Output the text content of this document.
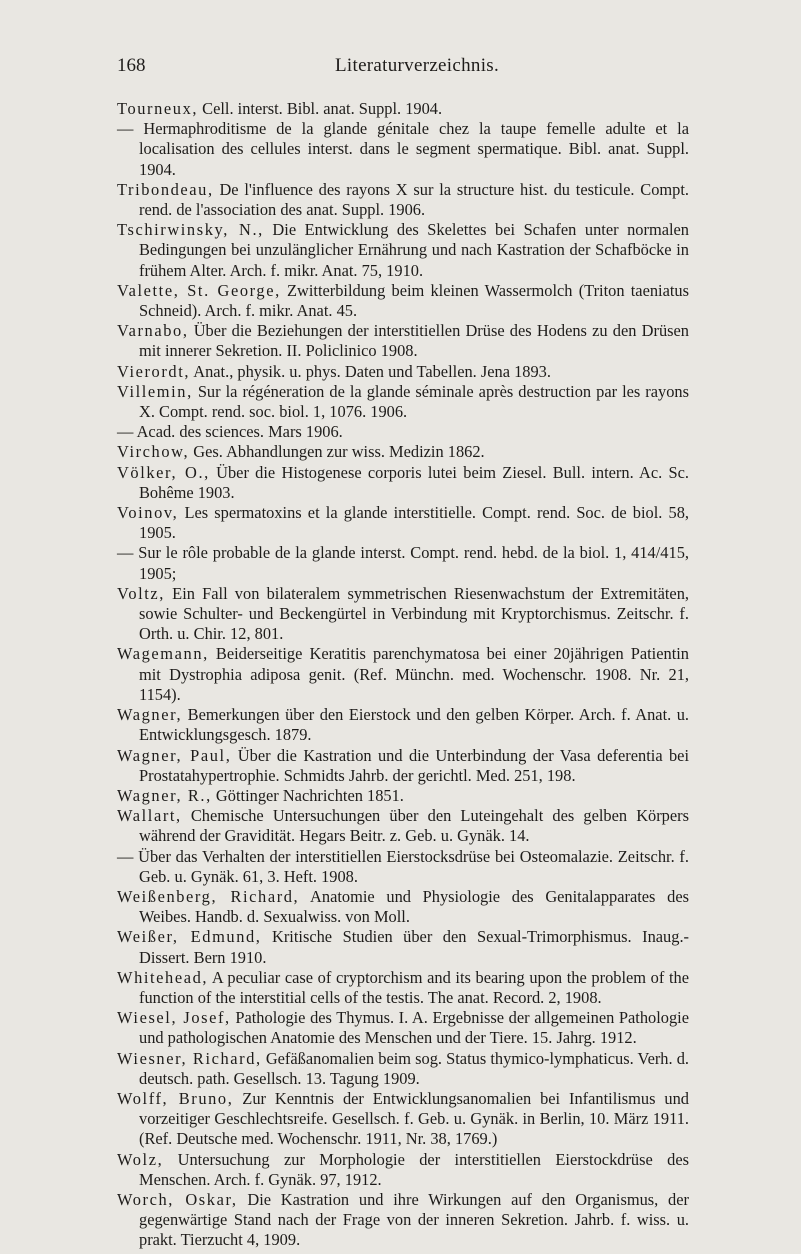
168	Literaturverzeichnis.
Tourneux, Cell. interst. Bibl. anat. Suppl. 1904.
— Hermaphroditisme de la glande génitale chez la taupe femelle adulte et la localisation des cellules interst. dans le segment spermatique. Bibl. anat. Suppl. 1904.
Tribondeau, De l'influence des rayons X sur la structure hist. du testicule. Compt. rend. de l'association des anat. Suppl. 1906.
Tschirwinsky, N., Die Entwicklung des Skelettes bei Schafen unter normalen Bedingungen bei unzulänglicher Ernährung und nach Kastration der Schafböcke in frühem Alter. Arch. f. mikr. Anat. 75, 1910.
Valette, St. George, Zwitterbildung beim kleinen Wassermolch (Triton taeniatus Schneid). Arch. f. mikr. Anat. 45.
Varnabo, Über die Beziehungen der interstitiellen Drüse des Hodens zu den Drüsen mit innerer Sekretion. II. Policlinico 1908.
Vierordt, Anat., physik. u. phys. Daten und Tabellen. Jena 1893.
Villemin, Sur la régéneration de la glande séminale après destruction par les rayons X. Compt. rend. soc. biol. 1, 1076. 1906.
— Acad. des sciences. Mars 1906.
Virchow, Ges. Abhandlungen zur wiss. Medizin 1862.
Völker, O., Über die Histogenese corporis lutei beim Ziesel. Bull. intern. Ac. Sc. Bohême 1903.
Voinov, Les spermatoxins et la glande interstitielle. Compt. rend. Soc. de biol. 58, 1905.
— Sur le rôle probable de la glande interst. Compt. rend. hebd. de la biol. 1, 414/415, 1905;
Voltz, Ein Fall von bilateralem symmetrischen Riesenwachstum der Extremitäten, sowie Schulter- und Beckengürtel in Verbindung mit Kryptorchismus. Zeitschr. f. Orth. u. Chir. 12, 801.
Wagemann, Beiderseitige Keratitis parenchymatosa bei einer 20jährigen Patientin mit Dystrophia adiposa genit. (Ref. Münchn. med. Wochenschr. 1908. Nr. 21, 1154).
Wagner, Bemerkungen über den Eierstock und den gelben Körper. Arch. f. Anat. u. Entwicklungsgesch. 1879.
Wagner, Paul, Über die Kastration und die Unterbindung der Vasa deferentia bei Prostatahypertrophie. Schmidts Jahrb. der gerichtl. Med. 251, 198.
Wagner, R., Göttinger Nachrichten 1851.
Wallart, Chemische Untersuchungen über den Luteingehalt des gelben Körpers während der Gravidität. Hegars Beitr. z. Geb. u. Gynäk. 14.
— Über das Verhalten der interstitiellen Eierstocksdrüse bei Osteomalazie. Zeitschr. f. Geb. u. Gynäk. 61, 3. Heft. 1908.
Weißenberg, Richard, Anatomie und Physiologie des Genitalapparates des Weibes. Handb. d. Sexualwiss. von Moll.
Weißer, Edmund, Kritische Studien über den Sexual-Trimorphismus. Inaug.-Dissert. Bern 1910.
Whitehead, A peculiar case of cryptorchism and its bearing upon the problem of the function of the interstitial cells of the testis. The anat. Record. 2, 1908.
Wiesel, Josef, Pathologie des Thymus. I. A. Ergebnisse der allgemeinen Pathologie und pathologischen Anatomie des Menschen und der Tiere. 15. Jahrg. 1912.
Wiesner, Richard, Gefäßanomalien beim sog. Status thymico-lymphaticus. Verh. d. deutsch. path. Gesellsch. 13. Tagung 1909.
Wolff, Bruno, Zur Kenntnis der Entwicklungsanomalien bei Infantilismus und vorzeitiger Geschlechtsreife. Gesellsch. f. Geb. u. Gynäk. in Berlin, 10. März 1911. (Ref. Deutsche med. Wochenschr. 1911, Nr. 38, 1769.)
Wolz, Untersuchung zur Morphologie der interstitiellen Eierstockdrüse des Menschen. Arch. f. Gynäk. 97, 1912.
Worch, Oskar, Die Kastration und ihre Wirkungen auf den Organismus, der gegenwärtige Stand nach der Frage von der inneren Sekretion. Jahrb. f. wiss. u. prakt. Tierzucht 4, 1909.
